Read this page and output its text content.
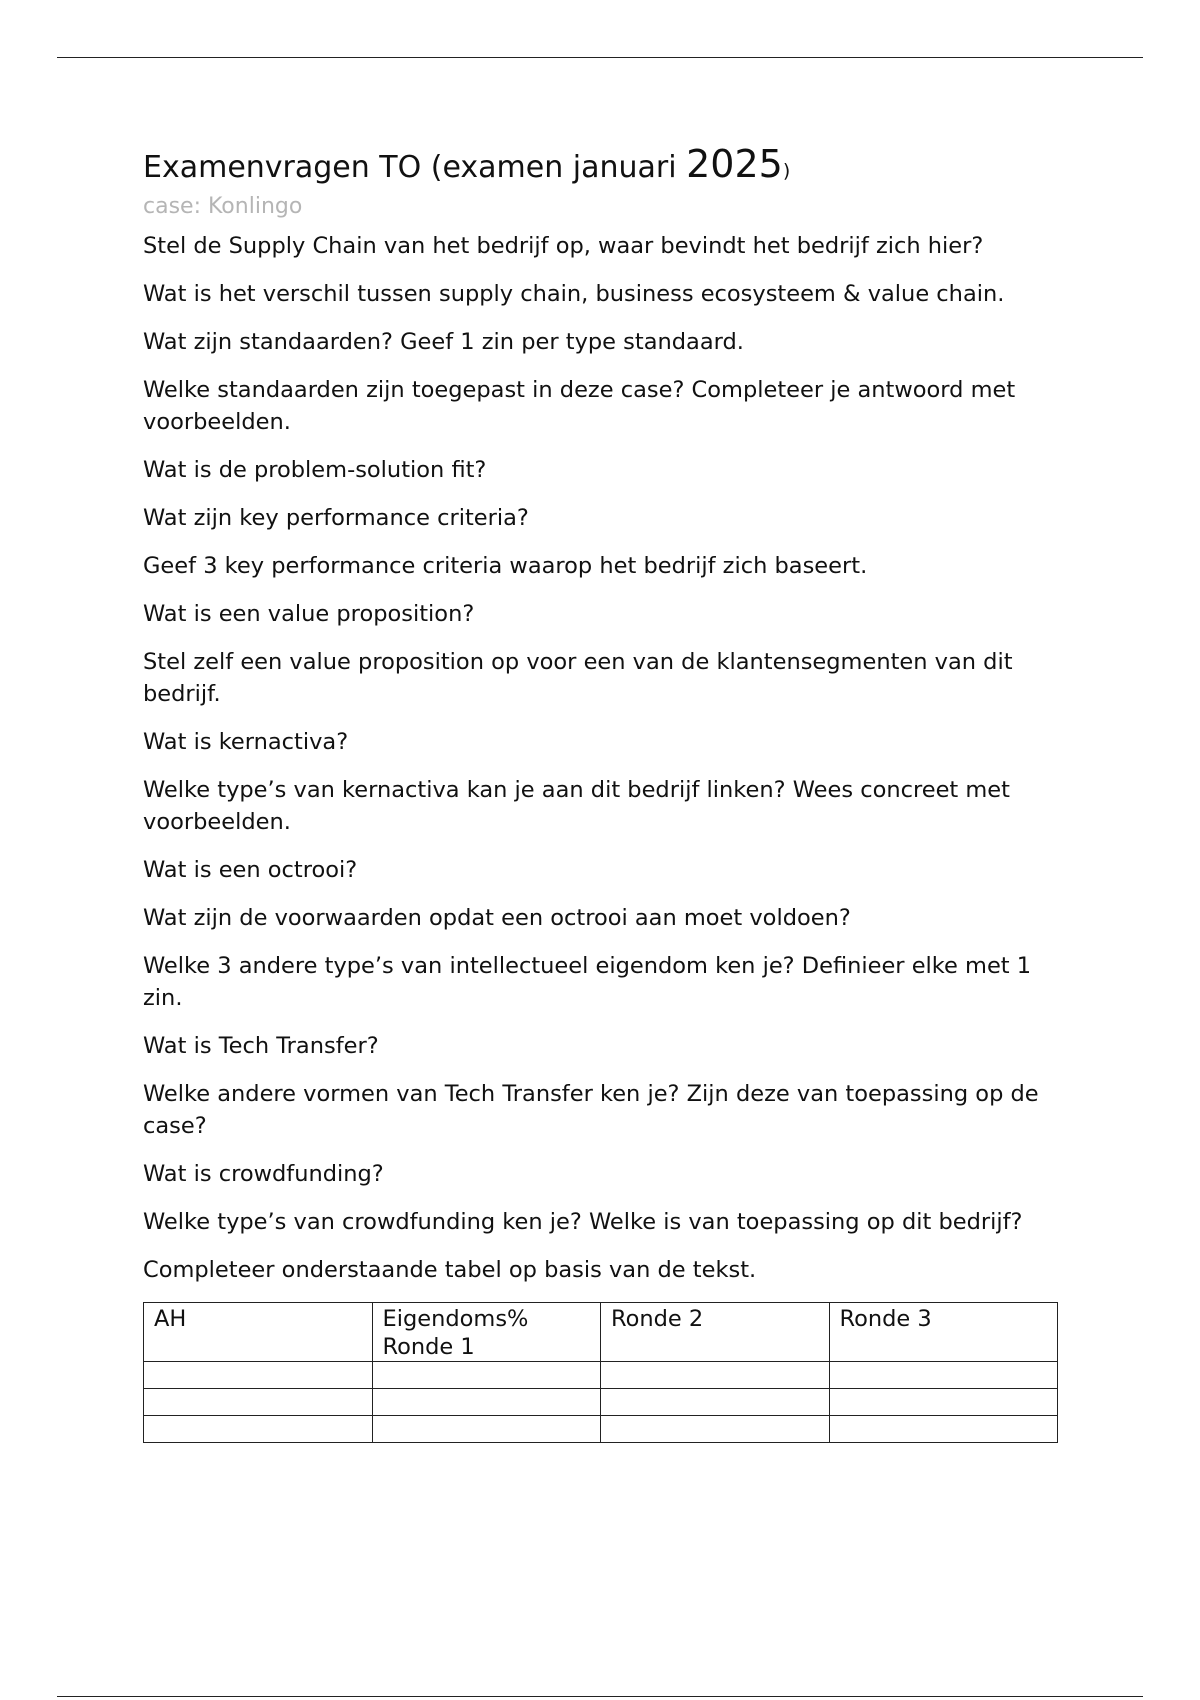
Examenvragen TO (examen januari 2025)

case: Konlingo

Stel de Supply Chain van het bedrijf op, waar bevindt het bedrijf zich hier?

Wat is het verschil tussen supply chain, business ecosysteem & value chain.

Wat zijn standaarden? Geef 1 zin per type standaard.

Welke standaarden zijn toegepast in deze case? Completeer je antwoord met voorbeelden.

Wat is de problem-solution fit?

Wat zijn key performance criteria?

Geef 3 key performance criteria waarop het bedrijf zich baseert.

Wat is een value proposition?

Stel zelf een value proposition op voor een van de klantensegmenten van dit bedrijf.

Wat is kernactiva?

Welke type’s van kernactiva kan je aan dit bedrijf linken? Wees concreet met voorbeelden.

Wat is een octrooi?

Wat zijn de voorwaarden opdat een octrooi aan moet voldoen?

Welke 3 andere type’s van intellectueel eigendom ken je? Definieer elke met 1 zin.

Wat is Tech Transfer?

Welke andere vormen van Tech Transfer ken je? Zijn deze van toepassing op de case?

Wat is crowdfunding?

Welke type’s van crowdfunding ken je? Welke is van toepassing op dit bedrijf?

Completeer onderstaande tabel op basis van de tekst.

AH	Eigendoms% Ronde 1	Ronde 2	Ronde 3
